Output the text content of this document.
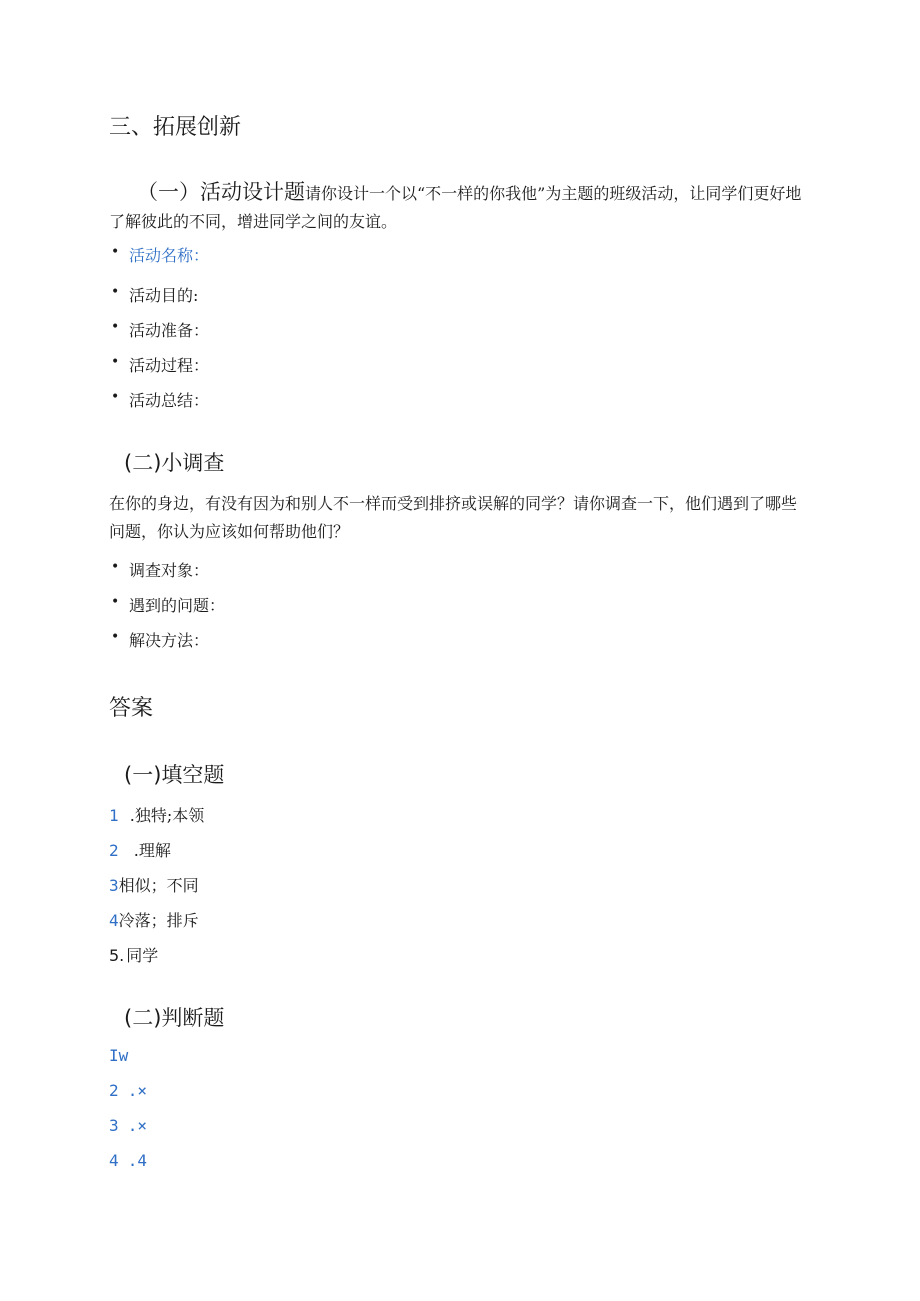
三、拓展创新
（一）活动设计题请你设计一个以“不一样的你我他”为主题的班级活动，让同学们更好地了解彼此的不同，增进同学之间的友谊。
• 活动名称：
• 活动目的:
• 活动准备：
• 活动过程：
• 活动总结：
(二)小调查
在你的身边，有没有因为和别人不一样而受到排挤或误解的同学？请你调查一下，他们遇到了哪些问题，你认为应该如何帮助他们？
• 调查对象：
• 遇到的问题：
• 解决方法：
答案
(一)填空题
1 .独特;本领
2 .理解
3相似；不同
4冷落；排斥
5. 同学
(二)判断题
Iw
2 .×
3 .×
4 .4
